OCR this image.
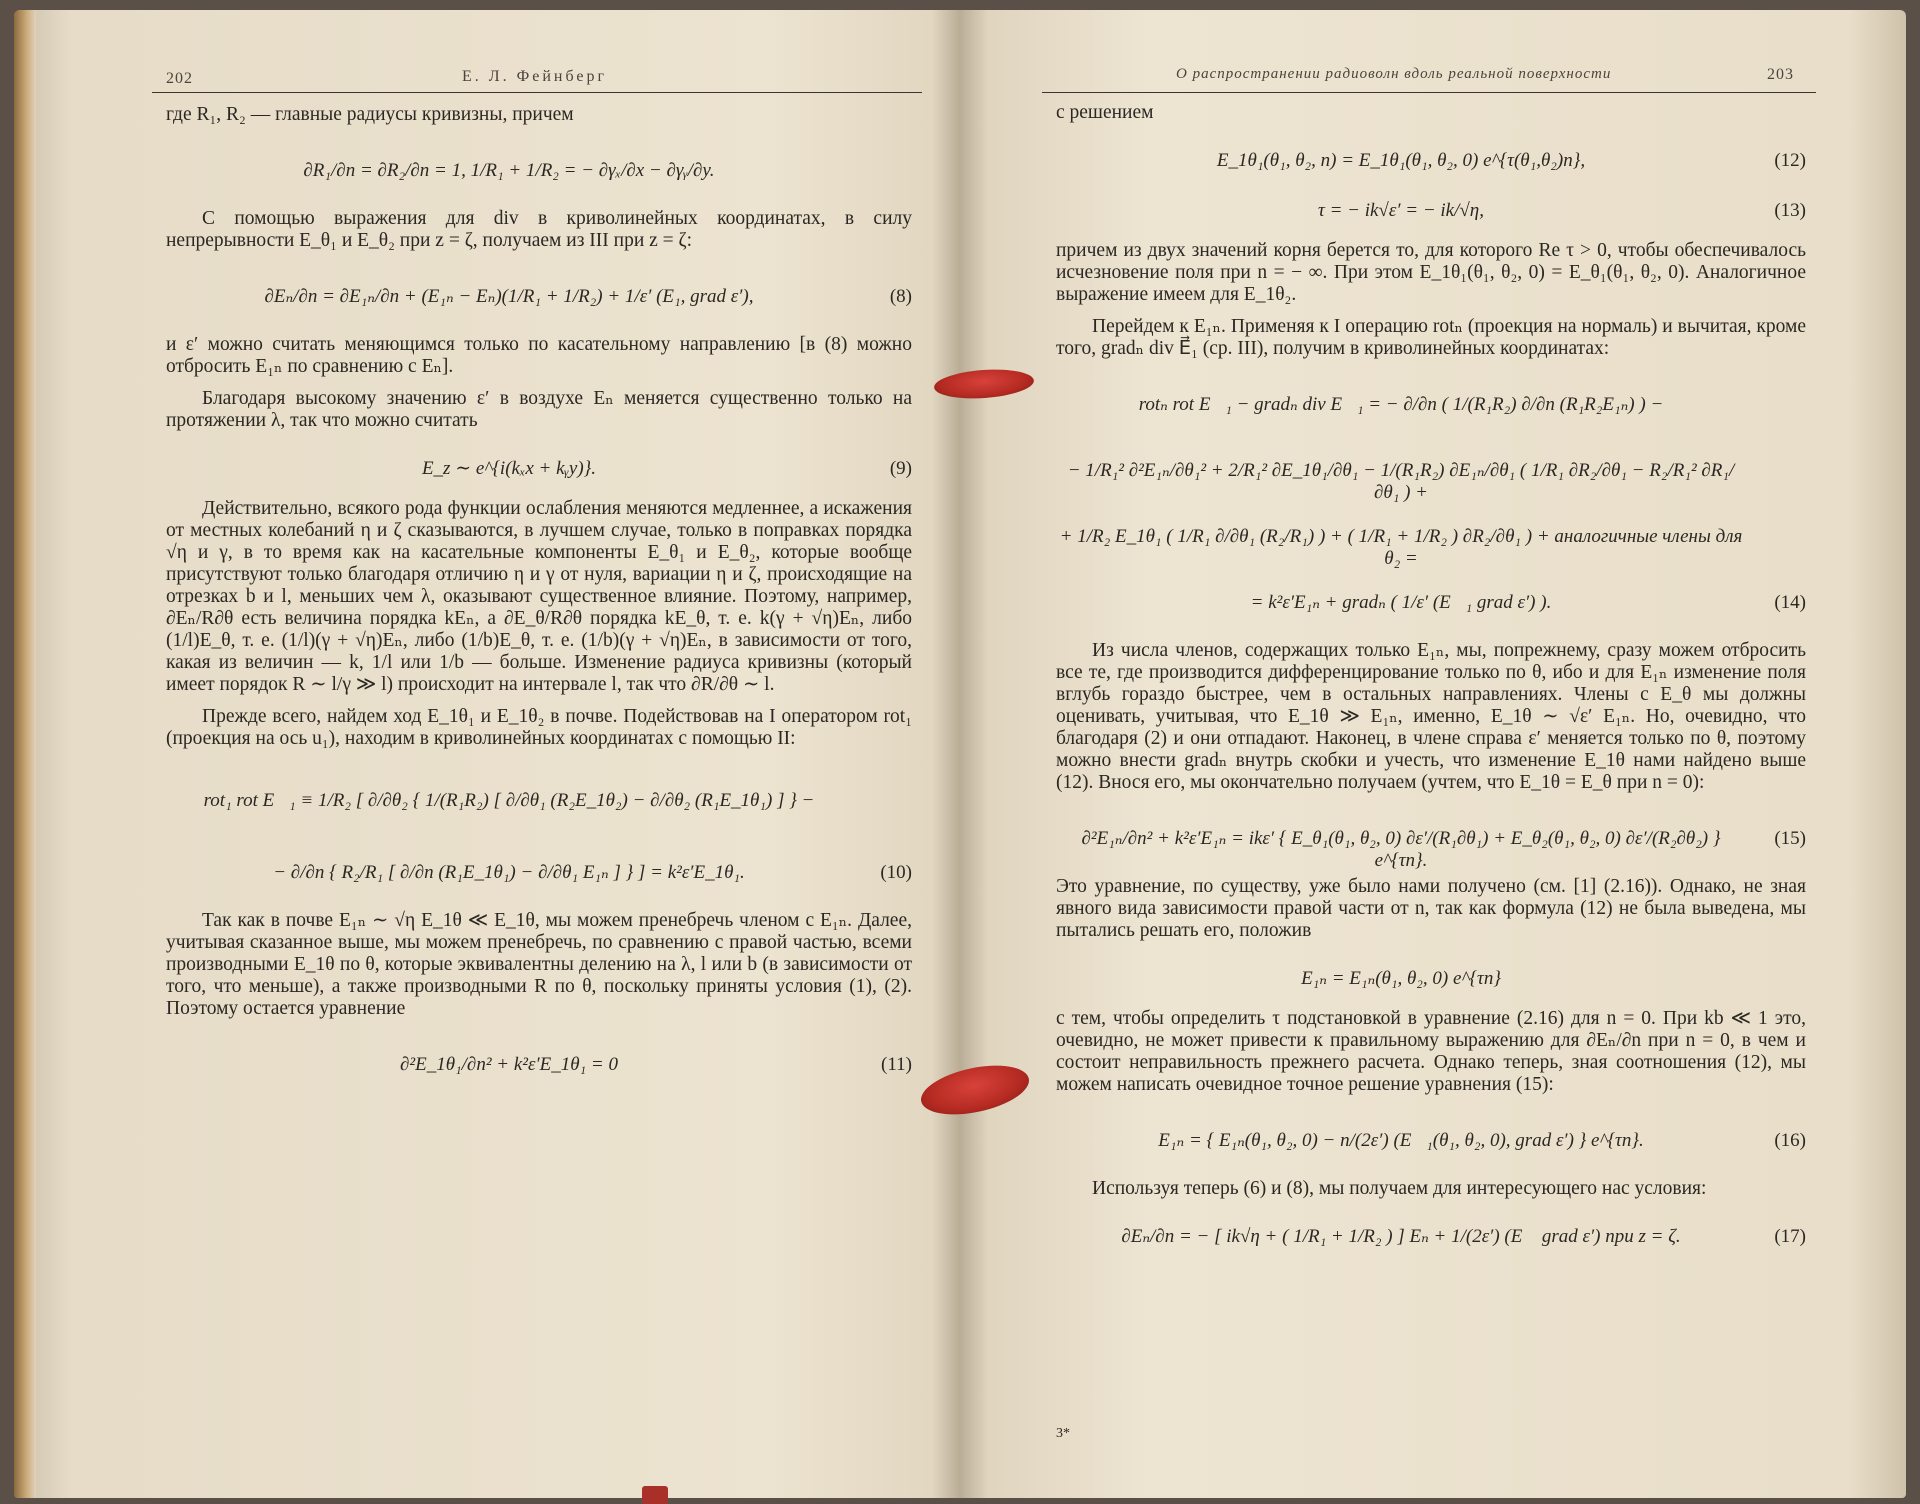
202	Е. Л. Фейнберг

где R₁, R₂ — главные радиусы кривизны, причем

∂R₁/∂n = ∂R₂/∂n = 1, 1/R₁ + 1/R₂ = − ∂γₓ/∂x − ∂γᵧ/∂y.

С помощью выражения для div в криволинейных координатах, в силу непрерывности E_θ₁ и E_θ₂ при z = ζ, получаем из III при z = ζ:

∂Eₙ/∂n = ∂E₁ₙ/∂n + (E₁ₙ − Eₙ)(1/R₁ + 1/R₂) + 1/ε′ (E₁, grad ε′),	(8)

и ε′ можно считать меняющимся только по касательному направлению [в (8) можно отбросить E₁ₙ по сравнению с Eₙ].

Благодаря высокому значению ε′ в воздухе Eₙ меняется существенно только на протяжении λ, так что можно считать

E_z ∼ e^{i(kₓx + kᵧy)}.	(9)

Действительно, всякого рода функции ослабления меняются медленнее, а искажения от местных колебаний η и ζ сказываются, в лучшем случае, только в поправках порядка √η и γ, в то время как на касательные компоненты E_θ₁ и E_θ₂, которые вообще присутствуют только благодаря отличию η и γ от нуля, вариации η и ζ, происходящие на отрезках b и l, меньших чем λ, оказывают существенное влияние. Поэтому, например, ∂Eₙ/R∂θ есть величина порядка kEₙ, а ∂E_θ/R∂θ порядка kE_θ, т. е. k(γ + √η)Eₙ, либо (1/l)E_θ, т. е. (1/l)(γ + √η)Eₙ, либо (1/b)E_θ, т. е. (1/b)(γ + √η)Eₙ, в зависимости от того, какая из величин — k, 1/l или 1/b — больше. Изменение радиуса кривизны (который имеет порядок R ∼ l/γ ≫ l) происходит на интервале l, так что ∂R/∂θ ∼ l.

Прежде всего, найдем ход E_1θ₁ и E_1θ₂ в почве. Подействовав на I оператором rot₁ (проекция на ось u₁), находим в криволинейных координатах с помощью II:

rot₁ rot E⃗₁ ≡ 1/R₂ [ ∂/∂θ₂ { 1/(R₁R₂) [ ∂/∂θ₁ (R₂E_1θ₂) − ∂/∂θ₂ (R₁E_1θ₁) ] } −
− ∂/∂n { R₂/R₁ [ ∂/∂n (R₁E_1θ₁) − ∂/∂θ₁ E₁ₙ ] } ] = k²ε′E_1θ₁.	(10)

Так как в почве E₁ₙ ∼ √η E_1θ ≪ E_1θ, мы можем пренебречь членом с E₁ₙ. Далее, учитывая сказанное выше, мы можем пренебречь, по сравнению с правой частью, всеми производными E_1θ по θ, которые эквивалентны делению на λ, l или b (в зависимости от того, что меньше), а также производными R по θ, поскольку приняты условия (1), (2). Поэтому остается уравнение

∂²E_1θ₁/∂n² + k²ε′E_1θ₁ = 0	(11)
О распространении радиоволн вдоль реальной поверхности	203

с решением

E_1θ₁(θ₁, θ₂, n) = E_1θ₁(θ₁, θ₂, 0) e^{τ(θ₁,θ₂)n},	(12)
τ = − ik√ε′ = − ik/√η,	(13)

причем из двух значений корня берется то, для которого Re τ > 0, чтобы обеспечивалось исчезновение поля при n = − ∞. При этом E_1θ₁(θ₁, θ₂, 0) = E_θ₁(θ₁, θ₂, 0). Аналогичное выражение имеем для E_1θ₂.

Перейдем к E₁ₙ. Применяя к I операцию rotₙ (проекция на нормаль) и вычитая, кроме того, gradₙ div E⃗₁ (ср. III), получим в криволинейных координатах:

rotₙ rot E⃗₁ − gradₙ div E⃗₁ = − ∂/∂n ( 1/(R₁R₂) ∂/∂n (R₁R₂E₁ₙ) ) −
− 1/R₁² ∂²E₁ₙ/∂θ₁² + 2/R₁² ∂E_1θ₁/∂θ₁ − 1/(R₁R₂) ∂E₁ₙ/∂θ₁ ( 1/R₁ ∂R₂/∂θ₁ − R₂/R₁² ∂R₁/∂θ₁ ) +
+ 1/R₂ E_1θ₁ ( 1/R₁ ∂/∂θ₁ (R₂/R₁) ) + ( 1/R₁ + 1/R₂ ) ∂R₂/∂θ₁ ) + аналогичные члены для θ₂ =
= k²ε′E₁ₙ + gradₙ ( 1/ε′ (E⃗₁ grad ε′) ).	(14)

Из числа членов, содержащих только E₁ₙ, мы, попрежнему, сразу можем отбросить все те, где производится дифференцирование только по θ, ибо и для E₁ₙ изменение поля вглубь гораздо быстрее, чем в остальных направлениях. Члены с E_θ мы должны оценивать, учитывая, что E_1θ ≫ E₁ₙ, именно, E_1θ ∼ √ε′ E₁ₙ. Но, очевидно, что благодаря (2) и они отпадают. Наконец, в члене справа ε′ меняется только по θ, поэтому можно внести gradₙ внутрь скобки и учесть, что изменение E_1θ нами найдено выше (12). Внося его, мы окончательно получаем (учтем, что E_1θ = E_θ при n = 0):

∂²E₁ₙ/∂n² + k²ε′E₁ₙ = ikε′ { E_θ₁(θ₁, θ₂, 0) ∂ε′/(R₁∂θ₁) + E_θ₂(θ₁, θ₂, 0) ∂ε′/(R₂∂θ₂) } e^{τn}.
(15)

Это уравнение, по существу, уже было нами получено (см. [1] (2.16)). Однако, не зная явного вида зависимости правой части от n, так как формула (12) не была выведена, мы пытались решать его, положив

E₁ₙ = E₁ₙ(θ₁, θ₂, 0) e^{τn}

с тем, чтобы определить τ подстановкой в уравнение (2.16) для n = 0. При kb ≪ 1 это, очевидно, не может привести к правильному выражению для ∂Eₙ/∂n при n = 0, в чем и состоит неправильность прежнего расчета. Однако теперь, зная соотношения (12), мы можем написать очевидное точное решение уравнения (15):

E₁ₙ = { E₁ₙ(θ₁, θ₂, 0) − n/(2ε′) (E⃗₁(θ₁, θ₂, 0), grad ε′) } e^{τn}.	(16)

Используя теперь (6) и (8), мы получаем для интересующего нас условия:

∂Eₙ/∂n = − [ ik√η + ( 1/R₁ + 1/R₂ ) ] Eₙ + 1/(2ε′) (E⃗ grad ε′) при z = ζ.	(17)
3*
